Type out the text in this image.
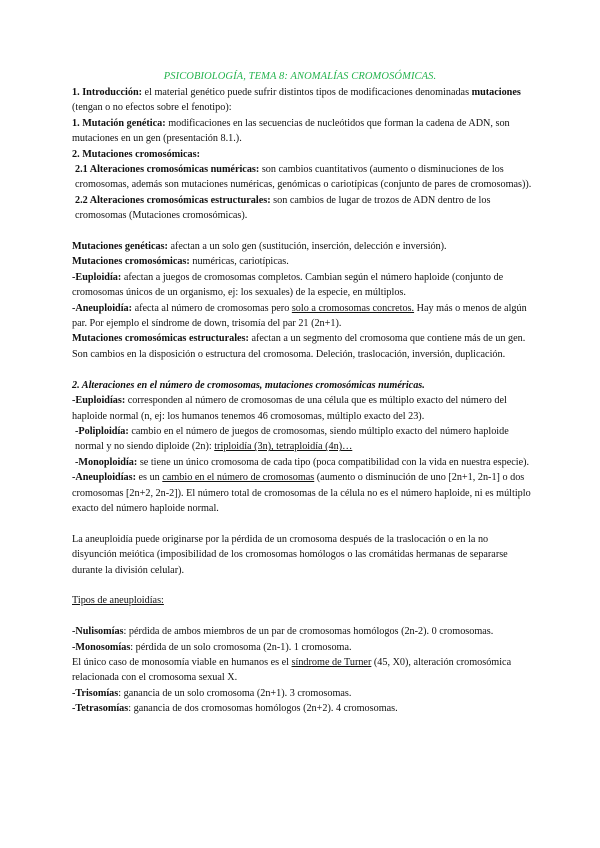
PSICOBIOLOGÍA, TEMA 8: ANOMALÍAS CROMOSÓMICAS.

1. Introducción: el material genético puede sufrir distintos tipos de modificaciones denominadas mutaciones (tengan o no efectos sobre el fenotipo):

1. Mutación genética: modificaciones en las secuencias de nucleótidos que forman la cadena de ADN, son mutaciones en un gen (presentación 8.1.).

2. Mutaciones cromosómicas:

2.1 Alteraciones cromosómicas numéricas: son cambios cuantitativos (aumento o disminuciones de los cromosomas, además son mutaciones numéricas, genómicas o cariotípicas (conjunto de pares de cromosomas)).

2.2 Alteraciones cromosómicas estructurales: son cambios de lugar de trozos de ADN dentro de los cromosomas (Mutaciones cromosómicas).

Mutaciones genéticas: afectan a un solo gen (sustitución, inserción, delección e inversión).

Mutaciones cromosómicas: numéricas, cariotípicas.

-Euploidía: afectan a juegos de cromosomas completos. Cambian según el número haploide (conjunto de cromosomas únicos de un organismo, ej: los sexuales) de la especie, en múltiplos.

-Aneuploidía: afecta al número de cromosomas pero solo a cromosomas concretos. Hay más o menos de algún par. Por ejemplo el síndrome de down, trisomía del par 21 (2n+1).

Mutaciones cromosómicas estructurales: afectan a un segmento del cromosoma que contiene más de un gen. Son cambios en la disposición o estructura del cromosoma. Deleción, traslocación, inversión, duplicación.

2. Alteraciones en el número de cromosomas, mutaciones cromosómicas numéricas.

-Euploidías: corresponden al número de cromosomas de una célula que es múltiplo exacto del número del haploide normal (n, ej: los humanos tenemos 46 cromosomas, múltiplo exacto del 23).

-Poliploidía: cambio en el número de juegos de cromosomas, siendo múltiplo exacto del número haploide normal y no siendo diploide (2n): triploidía (3n), tetraploidía (4n)…

-Monoploidía: se tiene un único cromosoma de cada tipo (poca compatibilidad con la vida en nuestra especie).

-Aneuploidías: es un cambio en el número de cromosomas (aumento o disminución de uno [2n+1, 2n-1] o dos cromosomas [2n+2, 2n-2]). El número total de cromosomas de la célula no es el número haploide, ni es múltiplo exacto del número haploide normal.

La aneuploidía puede originarse por la pérdida de un cromosoma después de la traslocación o en la no disyunción meiótica (imposibilidad de los cromosomas homólogos o las cromátidas hermanas de separarse durante la división celular).

Tipos de aneuploidías:

-Nulisomías: pérdida de ambos miembros de un par de cromosomas homólogos (2n-2). 0 cromosomas.

-Monosomías: pérdida de un solo cromosoma (2n-1). 1 cromosoma.

El único caso de monosomía viable en humanos es el síndrome de Turner (45, X0), alteración cromosómica relacionada con el cromosoma sexual X.

-Trisomías: ganancia de un solo cromosoma (2n+1). 3 cromosomas.

-Tetrasomías: ganancia de dos cromosomas homólogos (2n+2). 4 cromosomas.
